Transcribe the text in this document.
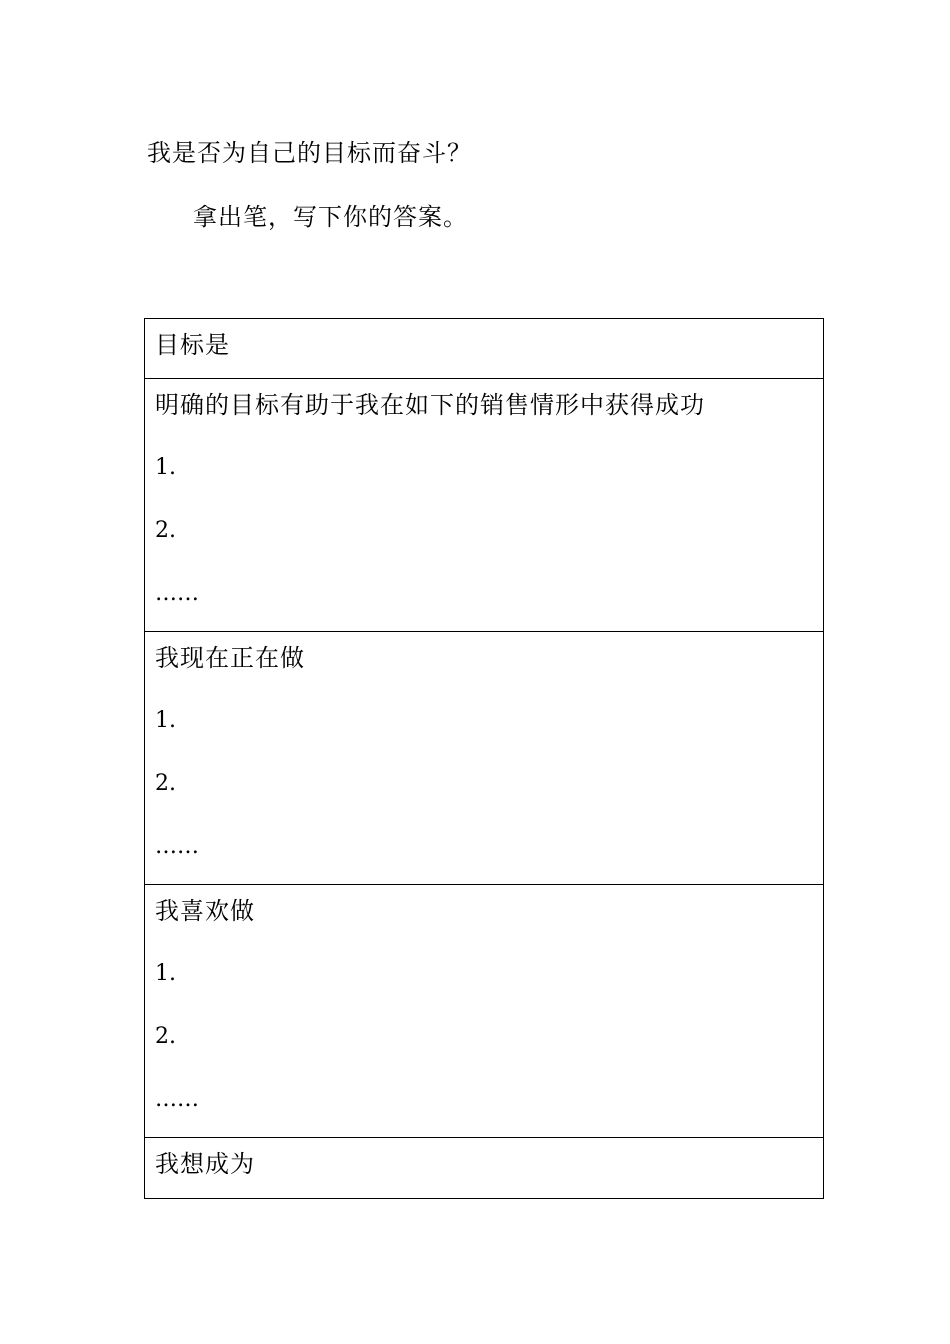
我是否为自己的目标而奋斗？
拿出笔，写下你的答案。
目标是
明确的目标有助于我在如下的销售情形中获得成功
1.
2.
……
我现在正在做
1.
2.
……
我喜欢做
1.
2.
……
我想成为
